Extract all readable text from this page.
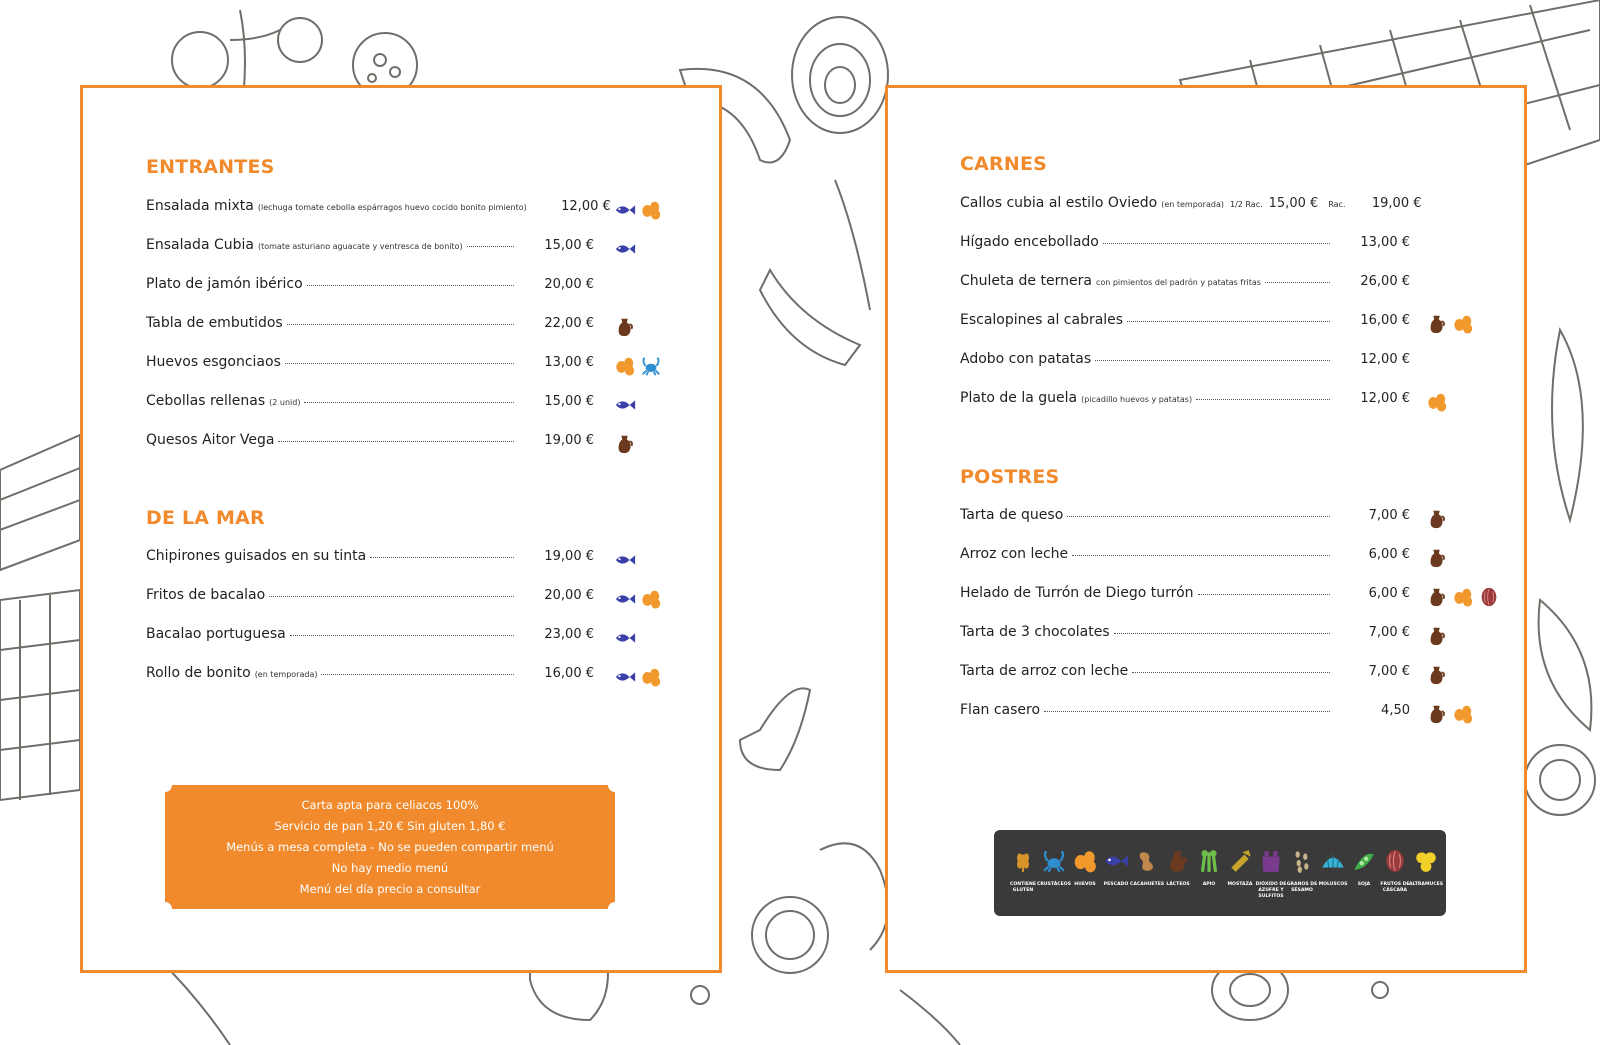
ENTRANTES
DE LA MAR
Ensalada mixta (lechuga tomate cebolla espárragos huevo cocido bonito pimiento)	12,00 €
Ensalada Cubia (tomate asturiano aguacate y ventresca de bonito)	15,00 €
Plato de jamón ibérico	20,00 €
Tabla de embutidos	22,00 €
Huevos esgonciaos	13,00 €
Cebollas rellenas (2 unid)	15,00 €
Quesos Aitor Vega	19,00 €
Chipirones guisados en su tinta	19,00 €
Fritos de bacalao	20,00 €
Bacalao portuguesa	23,00 €
Rollo de bonito (en temporada)	16,00 €
Carta apta para celiacos 100%
Servicio de pan 1,20 € Sin gluten 1,80 €
Menús a mesa completa - No se pueden compartir menú
No hay medio menú
Menú del día precio a consultar
CARNES
POSTRES
Callos cubia al estilo Oviedo (en temporada) 1/2 Rac. 15,00 € Rac. 19,00 €
Hígado encebollado	13,00 €
Chuleta de ternera con pimientos del padrón y patatas fritas	26,00 €
Escalopines al cabrales	16,00 €
Adobo con patatas	12,00 €
Plato de la guela (picadillo huevos y patatas)	12,00 €
Tarta de queso	7,00 €
Arroz con leche	6,00 €
Helado de Turrón de Diego turrón	6,00 €
Tarta de 3 chocolates	7,00 €
Tarta de arroz con leche	7,00 €
Flan casero	4,50
CONTIENE GLUTEN
CRUSTÁCEOS HUEVOS	PESCADO CACAHUETES LÁCTEOS	APIO	MOSTAZA DIÓXIDO DE AZUFRE Y SULFITOS
GRANOS DE SÉSAMO
MOLUSCOS	SOJA	FRUTOS DE CÁSCARA
ALTRAMUCES
